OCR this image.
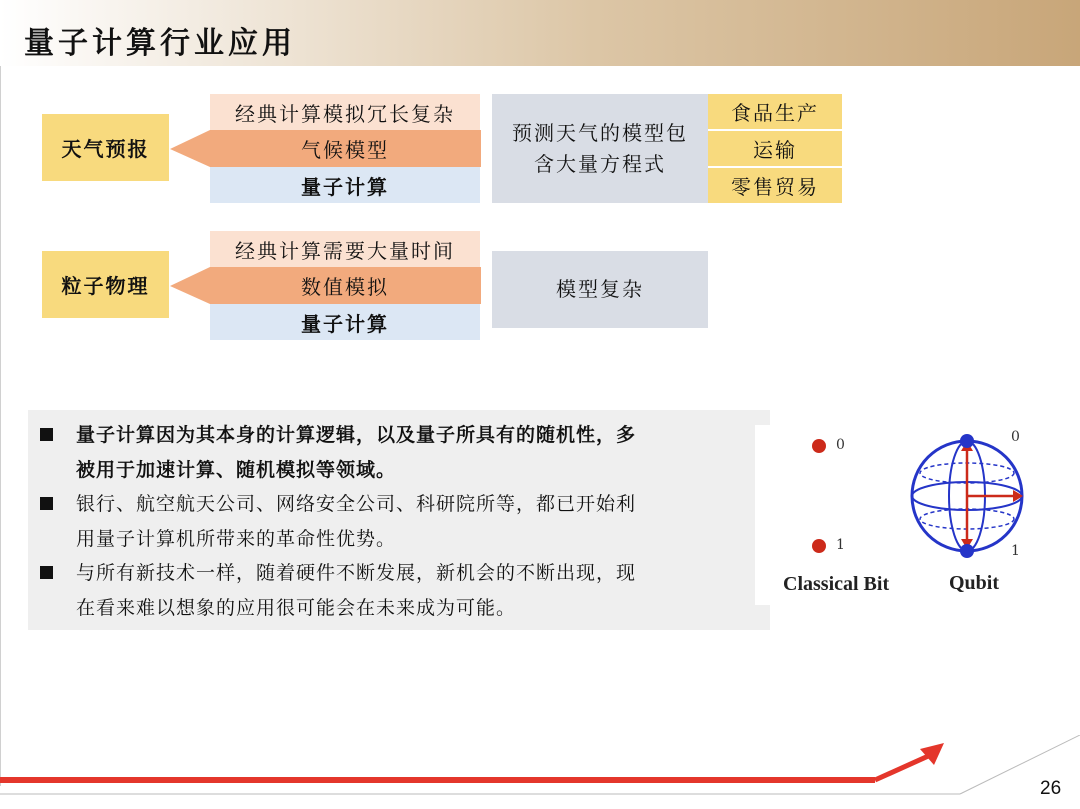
量子计算行业应用
天气预报
经典计算模拟冗长复杂
气候模型
量子计算
预测天气的模型包
含大量方程式
食品生产
运输
零售贸易
粒子物理
经典计算需要大量时间
数值模拟
量子计算
模型复杂
量子计算因为其本身的计算逻辑，以及量子所具有的随机性，多
被用于加速计算、随机模拟等领域。
银行、航空航天公司、网络安全公司、科研院所等，都已开始利
用量子计算机所带来的革命性优势。
与所有新技术一样，随着硬件不断发展，新机会的不断出现，现
在看来难以想象的应用很可能会在未来成为可能。
0
1
0
1
Classical Bit	Qubit
26
